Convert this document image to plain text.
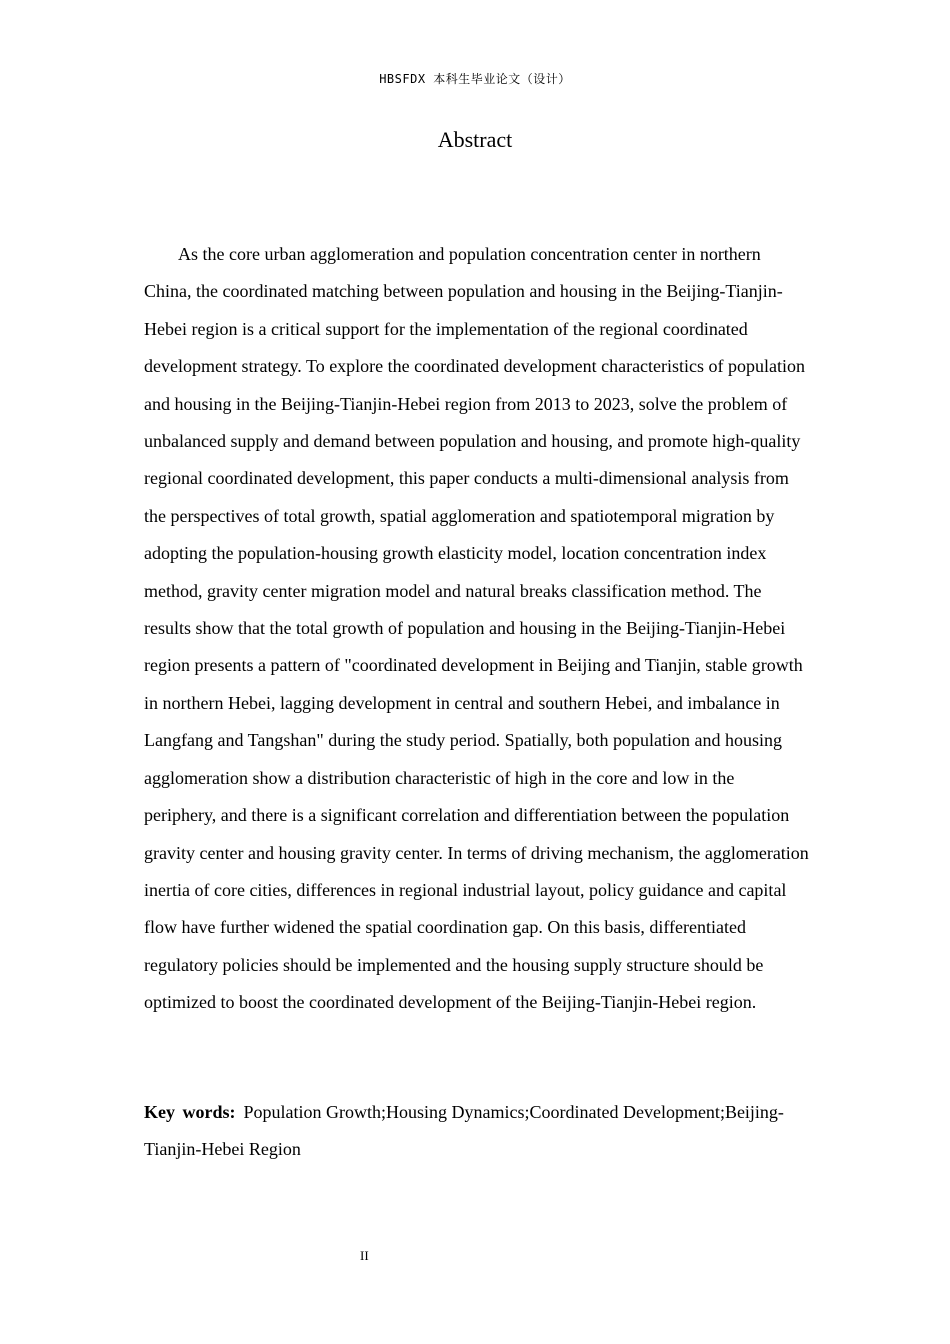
HBSFDX 本科生毕业论文（设计）
Abstract

As the core urban agglomeration and population concentration center in northern China, the coordinated matching between population and housing in the Beijing-Tianjin-Hebei region is a critical support for the implementation of the regional coordinated development strategy. To explore the coordinated development characteristics of population and housing in the Beijing-Tianjin-Hebei region from 2013 to 2023, solve the problem of unbalanced supply and demand between population and housing, and promote high-quality regional coordinated development, this paper conducts a multi-dimensional analysis from the perspectives of total growth, spatial agglomeration and spatiotemporal migration by adopting the population-housing growth elasticity model, location concentration index method, gravity center migration model and natural breaks classification method. The results show that the total growth of population and housing in the Beijing-Tianjin-Hebei region presents a pattern of "coordinated development in Beijing and Tianjin, stable growth in northern Hebei, lagging development in central and southern Hebei, and imbalance in Langfang and Tangshan" during the study period. Spatially, both population and housing agglomeration show a distribution characteristic of high in the core and low in the periphery, and there is a significant correlation and differentiation between the population gravity center and housing gravity center. In terms of driving mechanism, the agglomeration inertia of core cities, differences in regional industrial layout, policy guidance and capital flow have further widened the spatial coordination gap. On this basis, differentiated regulatory policies should be implemented and the housing supply structure should be optimized to boost the coordinated development of the Beijing-Tianjin-Hebei region.

Key words: Population Growth;Housing Dynamics;Coordinated Development;Beijing-Tianjin-Hebei Region

II
